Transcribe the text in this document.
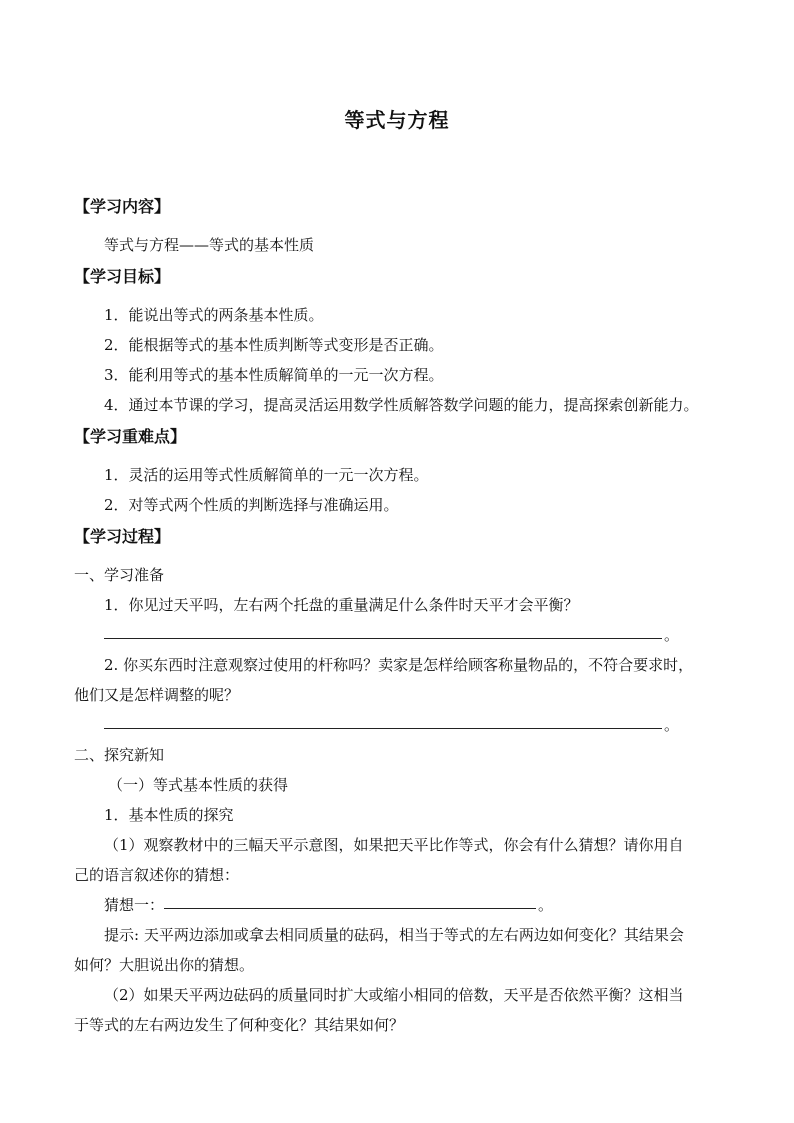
等式与方程
【学习内容】
等式与方程——等式的基本性质
【学习目标】
1．能说出等式的两条基本性质。
2．能根据等式的基本性质判断等式变形是否正确。
3．能利用等式的基本性质解简单的一元一次方程。
4．通过本节课的学习，提高灵活运用数学性质解答数学问题的能力，提高探索创新能力。
【学习重难点】
1．灵活的运用等式性质解简单的一元一次方程。
2．对等式两个性质的判断选择与准确运用。
【学习过程】
一、学习准备
1．你见过天平吗，左右两个托盘的重量满足什么条件时天平才会平衡？
。
2. 你买东西时注意观察过使用的杆称吗？卖家是怎样给顾客称量物品的，不符合要求时，
他们又是怎样调整的呢？
。
二、探究新知
（一）等式基本性质的获得
1．基本性质的探究
（1）观察教材中的三幅天平示意图，如果把天平比作等式，你会有什么猜想？请你用自
己的语言叙述你的猜想：
猜想一：	。
提示: 天平两边添加或拿去相同质量的砝码，相当于等式的左右两边如何变化？其结果会
如何？大胆说出你的猜想。
（2）如果天平两边砝码的质量同时扩大或缩小相同的倍数，天平是否依然平衡？这相当
于等式的左右两边发生了何种变化？其结果如何？
